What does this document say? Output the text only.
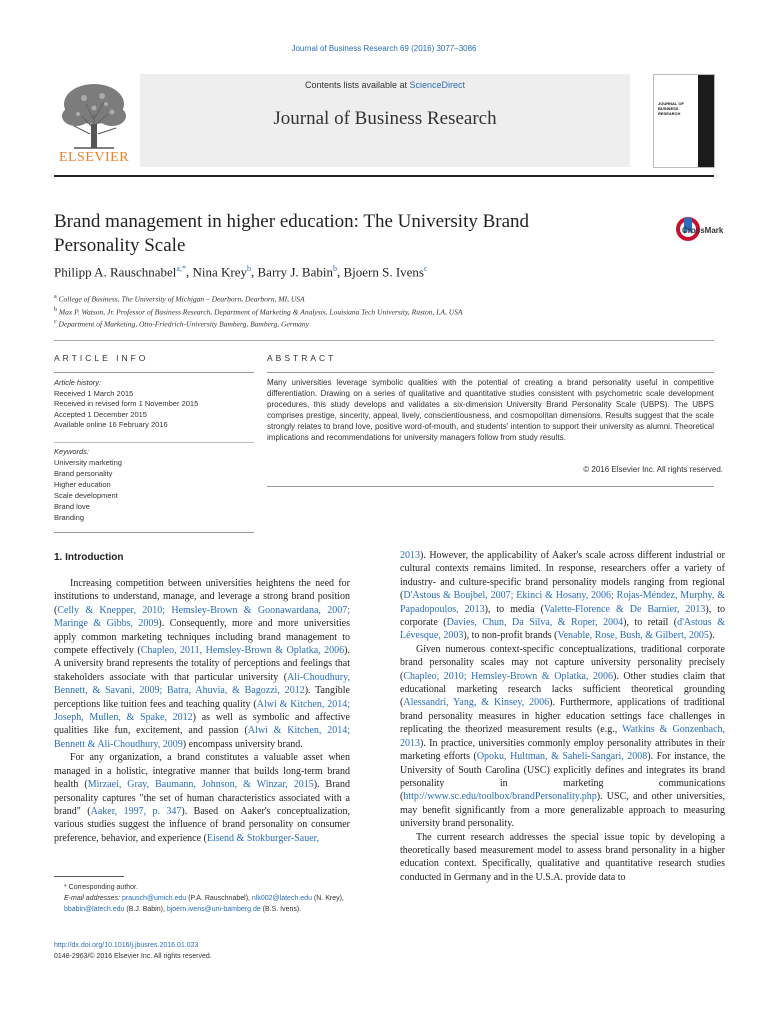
Journal of Business Research 69 (2016) 3077–3086
Contents lists available at ScienceDirect
Journal of Business Research
ELSEVIER
JOURNAL OF BUSINESS RESEARCH
Brand management in higher education: The University Brand Personality Scale
CrossMark
Philipp A. Rauschnabel$^{a,*}$, Nina Krey$^b$, Barry J. Babin$^b$, Bjoern S. Ivens$^c$
$^a$ College of Business, The University of Michigan – Dearborn, Dearborn, MI, USA
$^b$ Max P. Watson, Jr. Professor of Business Research, Department of Marketing & Analysis, Louisiana Tech University, Ruston, LA, USA
$^c$ Department of Marketing, Otto-Friedrich-University Bamberg, Bamberg, Germany
ARTICLE INFO	ABSTRACT
Article history:
Received 1 March 2015
Received in revised form 1 November 2015
Accepted 1 December 2015
Available online 16 February 2016
Keywords:
University marketing
Brand personality
Higher education
Scale development
Brand love
Branding
Many universities leverage symbolic qualities with the potential of creating a brand personality useful in competitive differentiation. Drawing on a series of qualitative and quantitative studies consistent with psychometric scale development procedures, this study develops and validates a six-dimension University Brand Personality Scale (UBPS). The UBPS comprises prestige, sincerity, appeal, lively, conscientiousness, and cosmopolitan dimensions. Results suggest that the scale strongly relates to brand love, positive word-of-mouth, and students' intention to support their university as alumni. Theoretical implications and recommendations for university managers follow from study results.
© 2016 Elsevier Inc. All rights reserved.
1. Introduction

Increasing competition between universities heightens the need for institutions to understand, manage, and leverage a strong brand position (Celly & Knepper, 2010; Hemsley-Brown & Goonawardana, 2007; Maringe & Gibbs, 2009). Consequently, more and more universities apply common marketing techniques including brand management to compete effectively (Chapleo, 2011, Hemsley-Brown & Oplatka, 2006). A university brand represents the totality of perceptions and feelings that stakeholders associate with that particular university (Ali-Choudhury, Bennett, & Savani, 2009; Batra, Ahuvia, & Bagozzi, 2012). Tangible perceptions like tuition fees and teaching quality (Alwi & Kitchen, 2014; Joseph, Mullen, & Spake, 2012) as well as symbolic and affective qualities like fun, excitement, and passion (Alwi & Kitchen, 2014; Bennett & Ali-Choudhury, 2009) encompass university brand.

For any organization, a brand constitutes a valuable asset when managed in a holistic, integrative manner that builds long-term brand health (Mirzaei, Gray, Baumann, Johnson, & Winzar, 2015). Brand personality captures "the set of human characteristics associated with a brand" (Aaker, 1997, p. 347). Based on Aaker's conceptualization, various studies suggest the influence of brand personality on consumer preference, behavior, and experience (Eisend & Stokburger-Sauer,

2013). However, the applicability of Aaker's scale across different industrial or cultural contexts remains limited. In response, researchers offer a variety of industry- and culture-specific brand personality models ranging from regional (D'Astous & Boujbel, 2007; Ekinci & Hosany, 2006; Rojas-Méndez, Murphy, & Papadopoulos, 2013), to media (Valette-Florence & De Barnier, 2013), to corporate (Davies, Chun, Da Silva, & Roper, 2004), to retail (d'Astous & Lévesque, 2003), to non-profit brands (Venable, Rose, Bush, & Gilbert, 2005).

Given numerous context-specific conceptualizations, traditional corporate brand personality scales may not capture university personality precisely (Chapleo, 2010; Hemsley-Brown & Oplatka, 2006). Other studies claim that educational marketing research lacks sufficient theoretical grounding (Alessandri, Yang, & Kinsey, 2006). Furthermore, applications of traditional brand personality measures in higher education settings face challenges in replicating the theorized measurement results (e.g., Watkins & Gonzenbach, 2013). In practice, universities commonly employ personality attributes in their marketing efforts (Opoku, Hultman, & Saheli-Sangari, 2008). For instance, the University of South Carolina (USC) explicitly defines and integrates its brand personality in marketing communications (http://www.sc.edu/toolbox/brandPersonality.php). USC, and other universities, may benefit significantly from a more generalizable approach to measuring university brand personality.

The current research addresses the special issue topic by developing a theoretically based measurement model to assess brand personality in a higher education context. Specifically, qualitative and quantitative research studies conducted in Germany and in the U.S.A. provide data to

* Corresponding author.
E-mail addresses: prausch@umich.edu (P.A. Rauschnabel), nlk002@latech.edu (N. Krey), bbabin@latech.edu (B.J. Babin), bjoern.ivens@uni-bamberg.de (B.S. Ivens).
http://dx.doi.org/10.1016/j.jbusres.2016.01.023
0148-2963/© 2016 Elsevier Inc. All rights reserved.
